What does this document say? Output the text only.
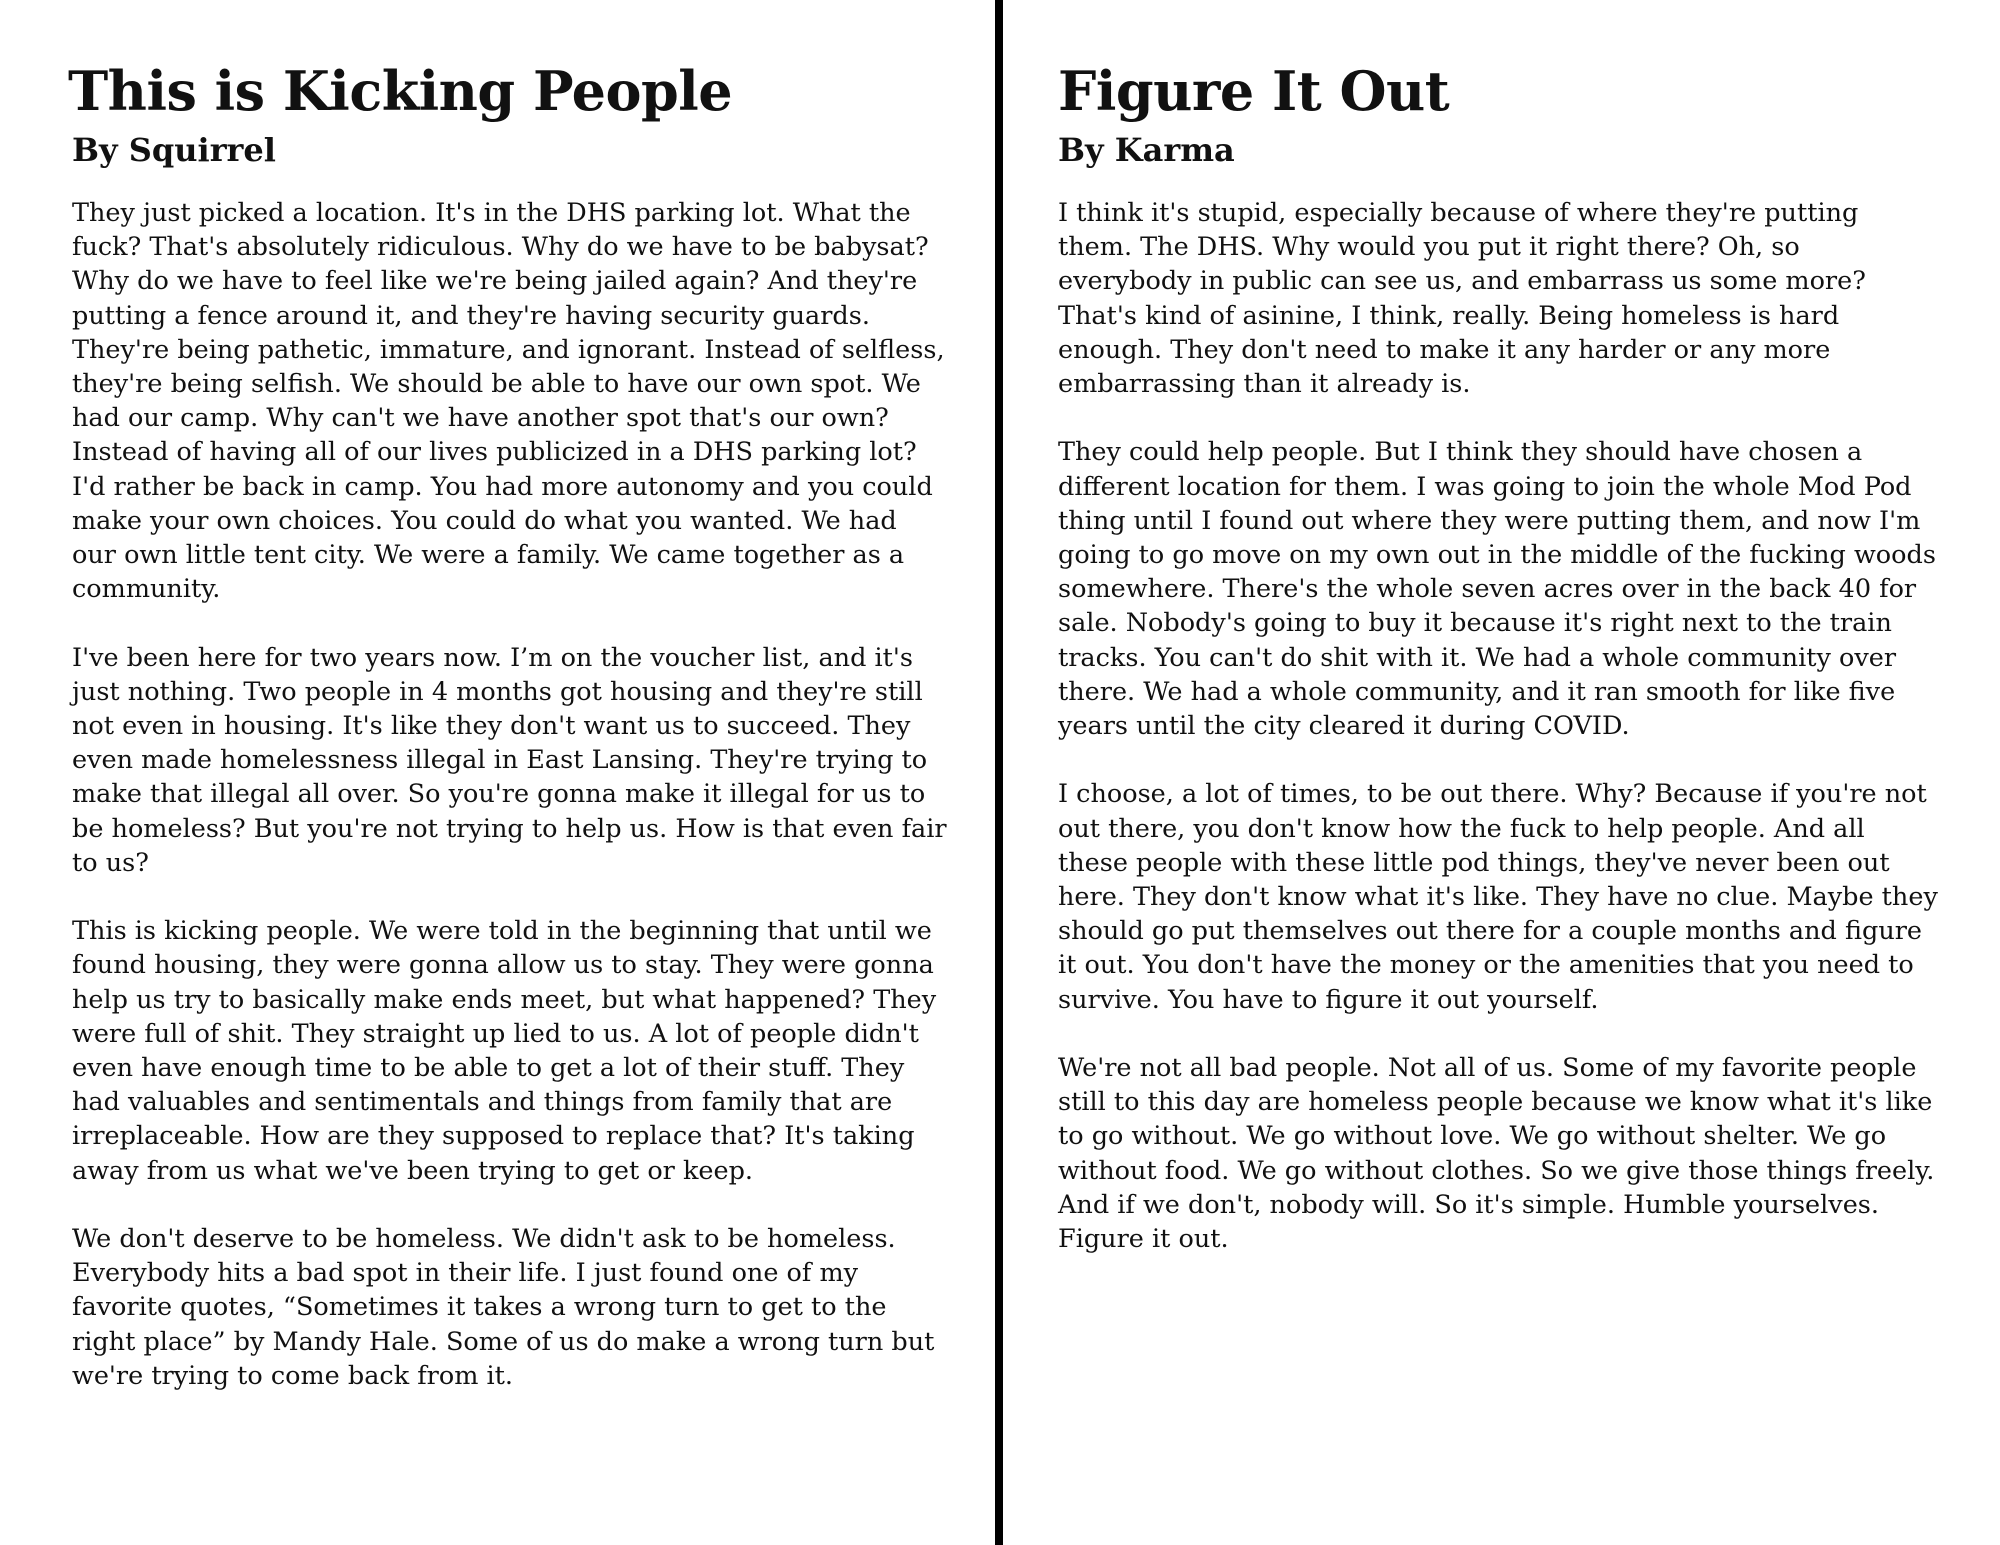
This is Kicking People
By Squirrel

They just picked a location. It's in the DHS parking lot. What the fuck? That's absolutely ridiculous. Why do we have to be babysat? Why do we have to feel like we're being jailed again? And they're putting a fence around it, and they're having security guards. They're being pathetic, immature, and ignorant. Instead of selfless, they're being selfish. We should be able to have our own spot. We had our camp. Why can't we have another spot that's our own? Instead of having all of our lives publicized in a DHS parking lot? I'd rather be back in camp. You had more autonomy and you could make your own choices. You could do what you wanted. We had our own little tent city. We were a family. We came together as a community.

I've been here for two years now. I’m on the voucher list, and it's just nothing. Two people in 4 months got housing and they're still not even in housing. It's like they don't want us to succeed. They even made homelessness illegal in East Lansing. They're trying to make that illegal all over. So you're gonna make it illegal for us to be homeless? But you're not trying to help us. How is that even fair to us?

This is kicking people. We were told in the beginning that until we found housing, they were gonna allow us to stay. They were gonna help us try to basically make ends meet, but what happened? They were full of shit. They straight up lied to us. A lot of people didn't even have enough time to be able to get a lot of their stuff. They had valuables and sentimentals and things from family that are irreplaceable. How are they supposed to replace that? It's taking away from us what we've been trying to get or keep.

We don't deserve to be homeless. We didn't ask to be homeless. Everybody hits a bad spot in their life. I just found one of my favorite quotes, “Sometimes it takes a wrong turn to get to the right place” by Mandy Hale. Some of us do make a wrong turn but we're trying to come back from it.

Figure It Out
By Karma

I think it's stupid, especially because of where they're putting them. The DHS. Why would you put it right there? Oh, so everybody in public can see us, and embarrass us some more? That's kind of asinine, I think, really. Being homeless is hard enough. They don't need to make it any harder or any more embarrassing than it already is.

They could help people. But I think they should have chosen a different location for them. I was going to join the whole Mod Pod thing until I found out where they were putting them, and now I'm going to go move on my own out in the middle of the fucking woods somewhere. There's the whole seven acres over in the back 40 for sale. Nobody's going to buy it because it's right next to the train tracks. You can't do shit with it. We had a whole community over there. We had a whole community, and it ran smooth for like five years until the city cleared it during COVID.

I choose, a lot of times, to be out there. Why? Because if you're not out there, you don't know how the fuck to help people. And all these people with these little pod things, they've never been out here. They don't know what it's like. They have no clue. Maybe they should go put themselves out there for a couple months and figure it out. You don't have the money or the amenities that you need to survive. You have to figure it out yourself.

We're not all bad people. Not all of us. Some of my favorite people still to this day are homeless people because we know what it's like to go without. We go without love. We go without shelter. We go without food. We go without clothes. So we give those things freely. And if we don't, nobody will. So it's simple. Humble yourselves. Figure it out.
